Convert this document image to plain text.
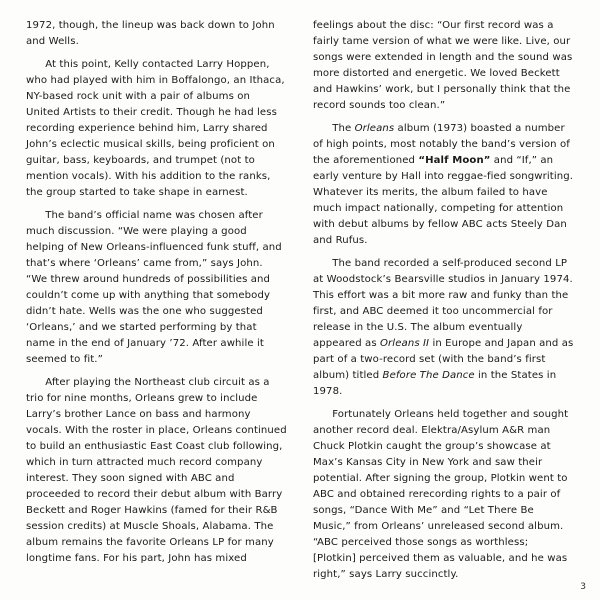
1972, though, the lineup was back down to John and Wells.

At this point, Kelly contacted Larry Hoppen, who had played with him in Boffalongo, an Ithaca, NY-based rock unit with a pair of albums on United Artists to their credit. Though he had less recording experience behind him, Larry shared John’s eclectic musical skills, being proficient on guitar, bass, keyboards, and trumpet (not to mention vocals). With his addition to the ranks, the group started to take shape in earnest.

The band’s official name was chosen after much discussion. “We were playing a good helping of New Orleans-influenced funk stuff, and that’s where ‘Orleans’ came from,” says John. “We threw around hundreds of possibilities and couldn’t come up with anything that somebody didn’t hate. Wells was the one who suggested ‘Orleans,’ and we started performing by that name in the end of January ’72. After awhile it seemed to fit.”

After playing the Northeast club circuit as a trio for nine months, Orleans grew to include Larry’s brother Lance on bass and harmony vocals. With the roster in place, Orleans continued to build an enthusiastic East Coast club following, which in turn attracted much record company interest. They soon signed with ABC and proceeded to record their debut album with Barry Beckett and Roger Hawkins (famed for their R&B session credits) at Muscle Shoals, Alabama. The album remains the favorite Orleans LP for many longtime fans. For his part, John has mixed

feelings about the disc: “Our first record was a fairly tame version of what we were like. Live, our songs were extended in length and the sound was more distorted and energetic. We loved Beckett and Hawkins’ work, but I personally think that the record sounds too clean.”

The Orleans album (1973) boasted a number of high points, most notably the band’s version of the aforementioned “Half Moon” and “If,” an early venture by Hall into reggae-fied songwriting. Whatever its merits, the album failed to have much impact nationally, competing for attention with debut albums by fellow ABC acts Steely Dan and Rufus.

The band recorded a self-produced second LP at Woodstock’s Bearsville studios in January 1974. This effort was a bit more raw and funky than the first, and ABC deemed it too uncommercial for release in the U.S. The album eventually appeared as Orleans II in Europe and Japan and as part of a two-record set (with the band’s first album) titled Before The Dance in the States in 1978.

Fortunately Orleans held together and sought another record deal. Elektra/Asylum A&R man Chuck Plotkin caught the group’s showcase at Max’s Kansas City in New York and saw their potential. After signing the group, Plotkin went to ABC and obtained rerecording rights to a pair of songs, “Dance With Me” and “Let There Be Music,” from Orleans’ unreleased second album. “ABC perceived those songs as worthless; [Plotkin] perceived them as valuable, and he was right,” says Larry succinctly.

3
